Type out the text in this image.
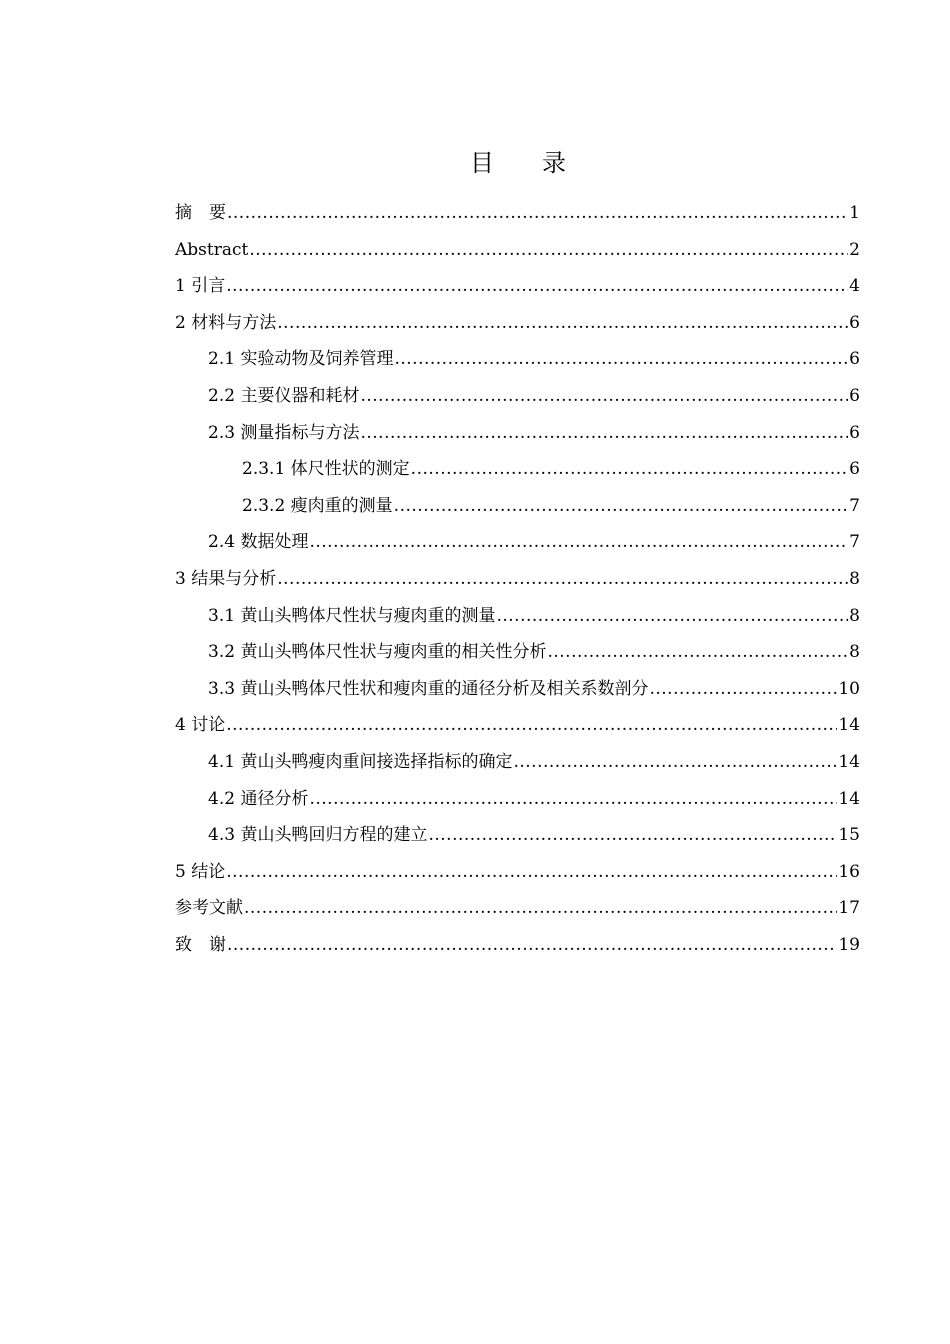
目 录
摘　要 .....	1
Abstract .....	2
1 引言 .....	4
2 材料与方法 .....	6
2.1 实验动物及饲养管理 .....	6
2.2 主要仪器和耗材 .....	6
2.3 测量指标与方法 .....	6
2.3.1 体尺性状的测定 .....	6
2.3.2 瘦肉重的测量 .....	7
2.4 数据处理 .....	7
3 结果与分析 .....	8
3.1 黄山头鸭体尺性状与瘦肉重的测量 .....	8
3.2 黄山头鸭体尺性状与瘦肉重的相关性分析 .....	8
3.3 黄山头鸭体尺性状和瘦肉重的通径分析及相关系数剖分 .....	10
4 讨论 .....	14
4.1 黄山头鸭瘦肉重间接选择指标的确定 .....	14
4.2 通径分析 .....	14
4.3 黄山头鸭回归方程的建立 .....	15
5 结论 .....	16
参考文献 .....	17
致　谢 .....	19
